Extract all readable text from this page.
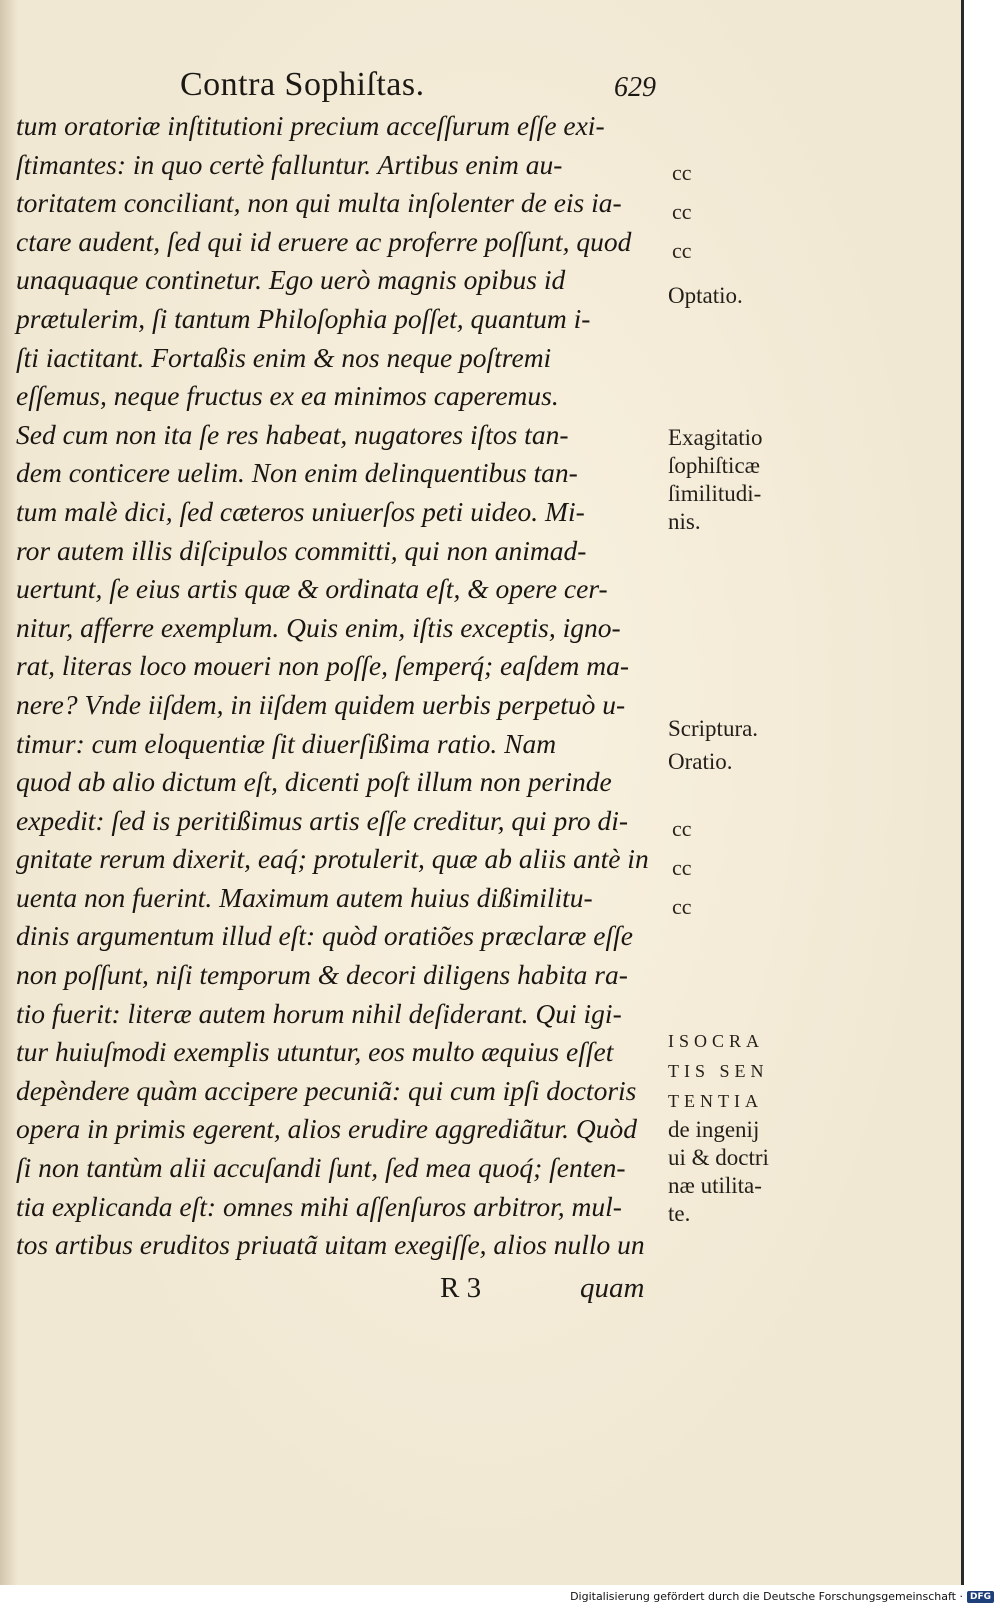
Contra Sophiſtas.	629
tum oratoriæ inſtitutioni precium acceſſurum eſſe exi-
ſtimantes: in quo certè falluntur. Artibus enim au-
toritatem conciliant, non qui multa inſolenter de eis ia-
ctare audent, ſed qui id eruere ac proferre poſſunt, quod
unaquaque continetur. Ego uerò magnis opibus id
prætulerim, ſi tantum Philoſophia poſſet, quantum i-
ſti iactitant. Fortaßis enim & nos neque poſtremi
eſſemus, neque fructus ex ea minimos caperemus.
Sed cum non ita ſe res habeat, nugatores iſtos tan-
dem conticere uelim. Non enim delinquentibus tan-
tum malè dici, ſed cæteros uniuerſos peti uideo. Mi-
ror autem illis diſcipulos committi, qui non animad-
uertunt, ſe eius artis quæ & ordinata eſt, & opere cer-
nitur, afferre exemplum. Quis enim, iſtis exceptis, igno-
rat, literas loco moueri non poſſe, ſemperq́; eaſdem ma-
nere? Vnde iiſdem, in iiſdem quidem uerbis perpetuò u-
timur: cum eloquentiæ ſit diuerſißima ratio. Nam
quod ab alio dictum eſt, dicenti poſt illum non perinde
expedit: ſed is peritißimus artis eſſe creditur, qui pro di-
gnitate rerum dixerit, eaq́; protulerit, quæ ab aliis antè in
uenta non fuerint. Maximum autem huius dißimilitu-
dinis argumentum illud eſt: quòd oratiões præclaræ eſſe
non poſſunt, niſi temporum & decori diligens habita ra-
tio fuerit: literæ autem horum nihil deſiderant. Qui igi-
tur huiuſmodi exemplis utuntur, eos multo æquius eſſet
depèndere quàm accipere pecuniã: qui cum ipſi doctoris
opera in primis egerent, alios erudire aggrediãtur. Quòd
ſi non tantùm alii accuſandi ſunt, ſed mea quoq́; ſenten-
tia explicanda eſt: omnes mihi aſſenſuros arbitror, mul-
tos artibus eruditos priuatã uitam exegiſſe, alios nullo un
cc
cc
cc
cc
cc
cc
Optatio.
Exagitatio
ſophiſticæ
ſimilitudi-
nis.
Scriptura.
Oratio.
ISOCRA
TIS SEN
TENTIA
de ingenij
ui & doctri
næ utilita-
te.
R 3	quam
Digitalisierung gefördert durch die Deutsche Forschungsgemeinschaft · DFG
